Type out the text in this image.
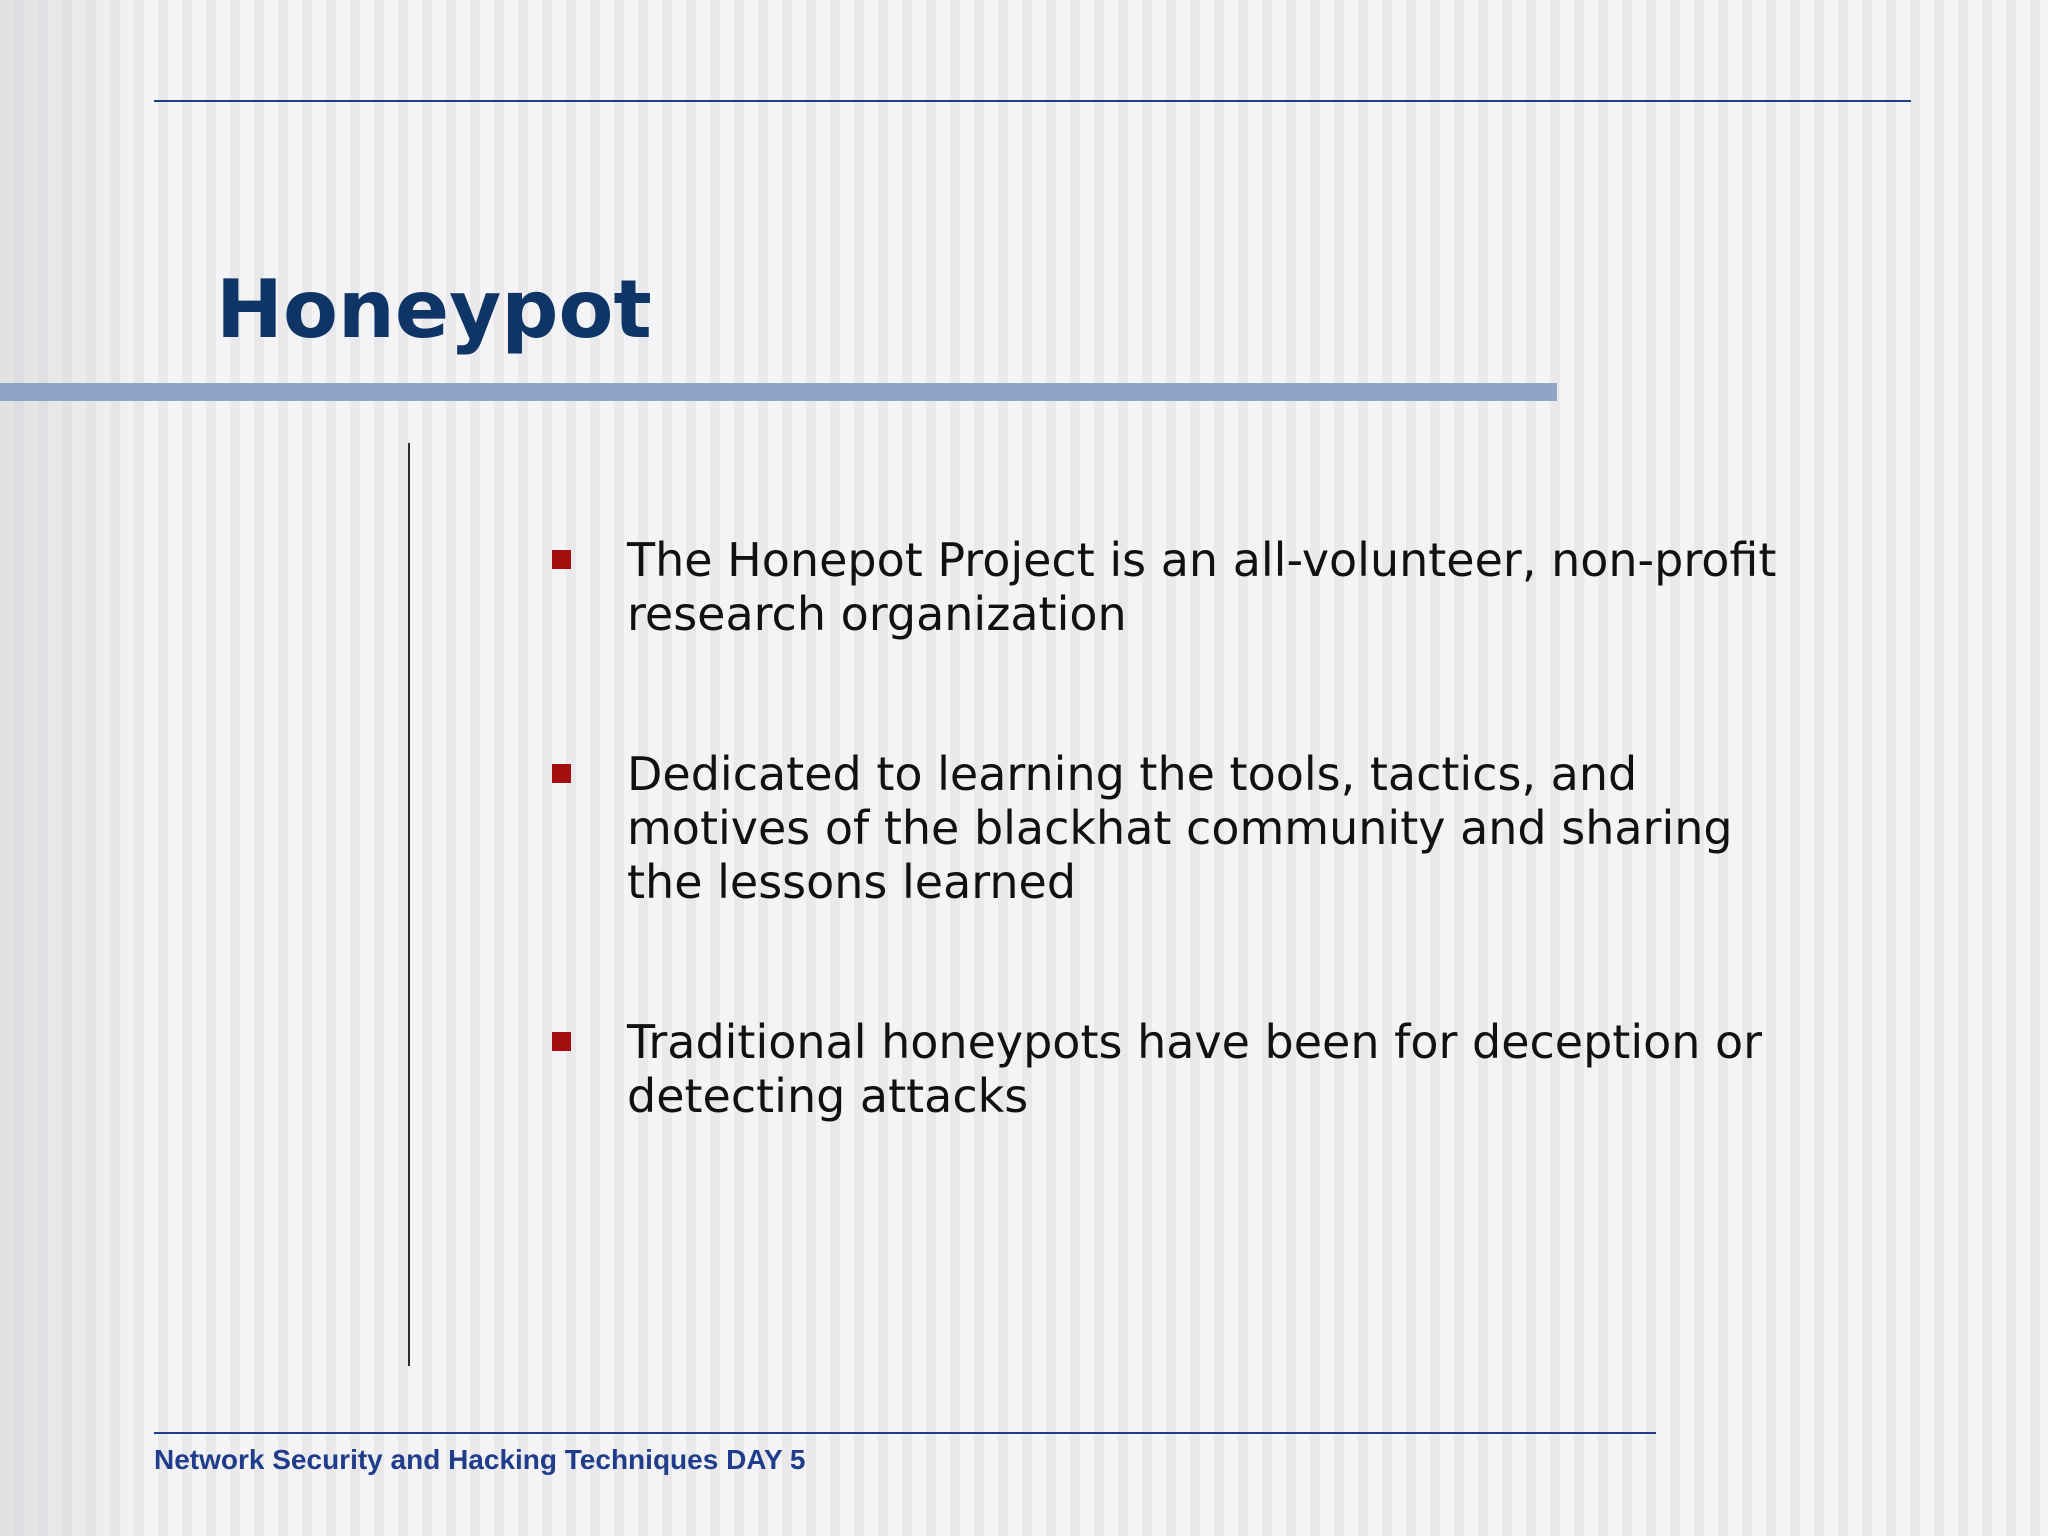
Honeypot
The Honepot Project is an all-volunteer, non-profit research organization
Dedicated to learning the tools, tactics, and motives of the blackhat community and sharing the lessons learned
Traditional honeypots have been for deception or detecting attacks
Network Security and Hacking Techniques DAY 5
